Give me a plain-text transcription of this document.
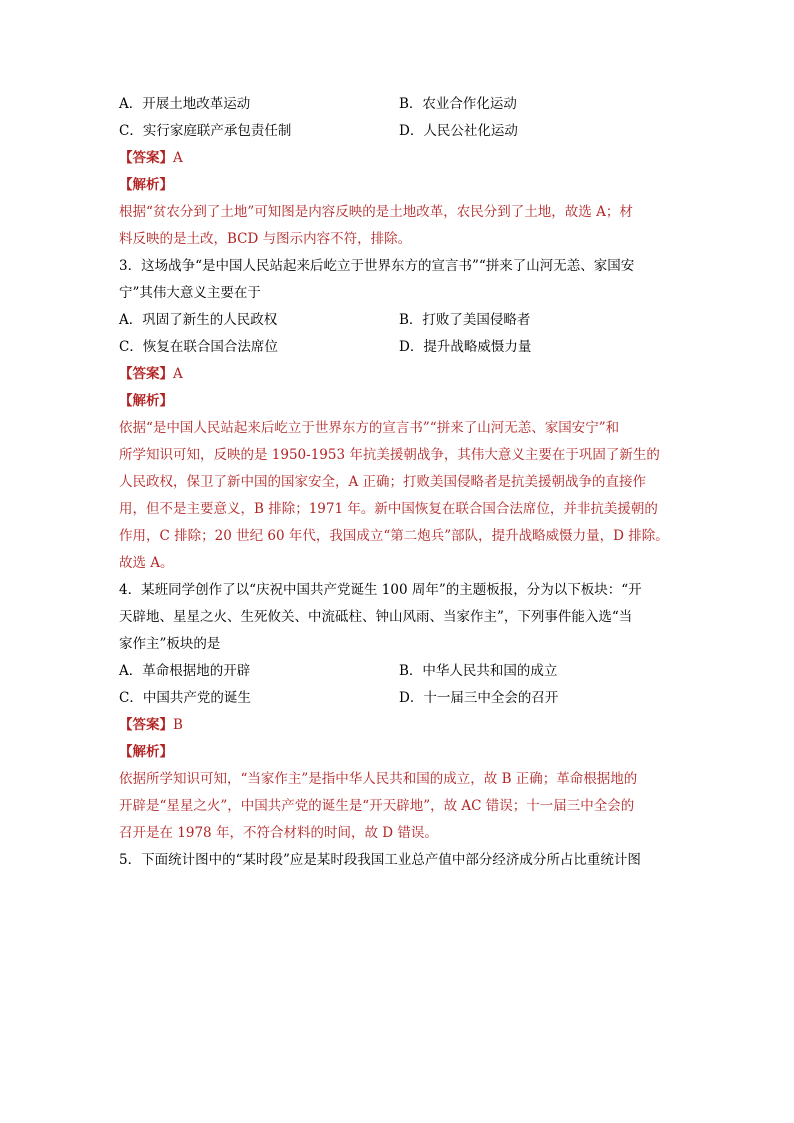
A．开展土地改革运动	B．农业合作化运动
C．实行家庭联产承包责任制	D．人民公社化运动
【答案】A
【解析】
根据“贫农分到了土地”可知图是内容反映的是土地改革，农民分到了土地，故选 A；材
料反映的是土改，BCD 与图示内容不符，排除。
3．这场战争“是中国人民站起来后屹立于世界东方的宣言书”“拼来了山河无恙、家国安
宁”其伟大意义主要在于
A．巩固了新生的人民政权	B．打败了美国侵略者
C．恢复在联合国合法席位	D．提升战略威慑力量
【答案】A
【解析】
依据“是中国人民站起来后屹立于世界东方的宣言书”“拼来了山河无恙、家国安宁”和
所学知识可知，反映的是 1950-1953 年抗美援朝战争，其伟大意义主要在于巩固了新生的
人民政权，保卫了新中国的国家安全，A 正确；打败美国侵略者是抗美援朝战争的直接作
用，但不是主要意义，B 排除；1971 年。新中国恢复在联合国合法席位，并非抗美援朝的
作用，C 排除；20 世纪 60 年代，我国成立“第二炮兵”部队，提升战略威慑力量，D 排除。
故选 A。
4．某班同学创作了以“庆祝中国共产党诞生 100 周年”的主题板报，分为以下板块：“开
天辟地、星星之火、生死攸关、中流砥柱、钟山风雨、当家作主”，下列事件能入选“当
家作主”板块的是
A．革命根据地的开辟	B．中华人民共和国的成立
C．中国共产党的诞生	D．十一届三中全会的召开
【答案】B
【解析】
依据所学知识可知，“当家作主”是指中华人民共和国的成立，故 B 正确；革命根据地的
开辟是“星星之火”，中国共产党的诞生是“开天辟地”，故 AC 错误；十一届三中全会的
召开是在 1978 年，不符合材料的时间，故 D 错误。
5．下面统计图中的“某时段”应是某时段我国工业总产值中部分经济成分所占比重统计图
